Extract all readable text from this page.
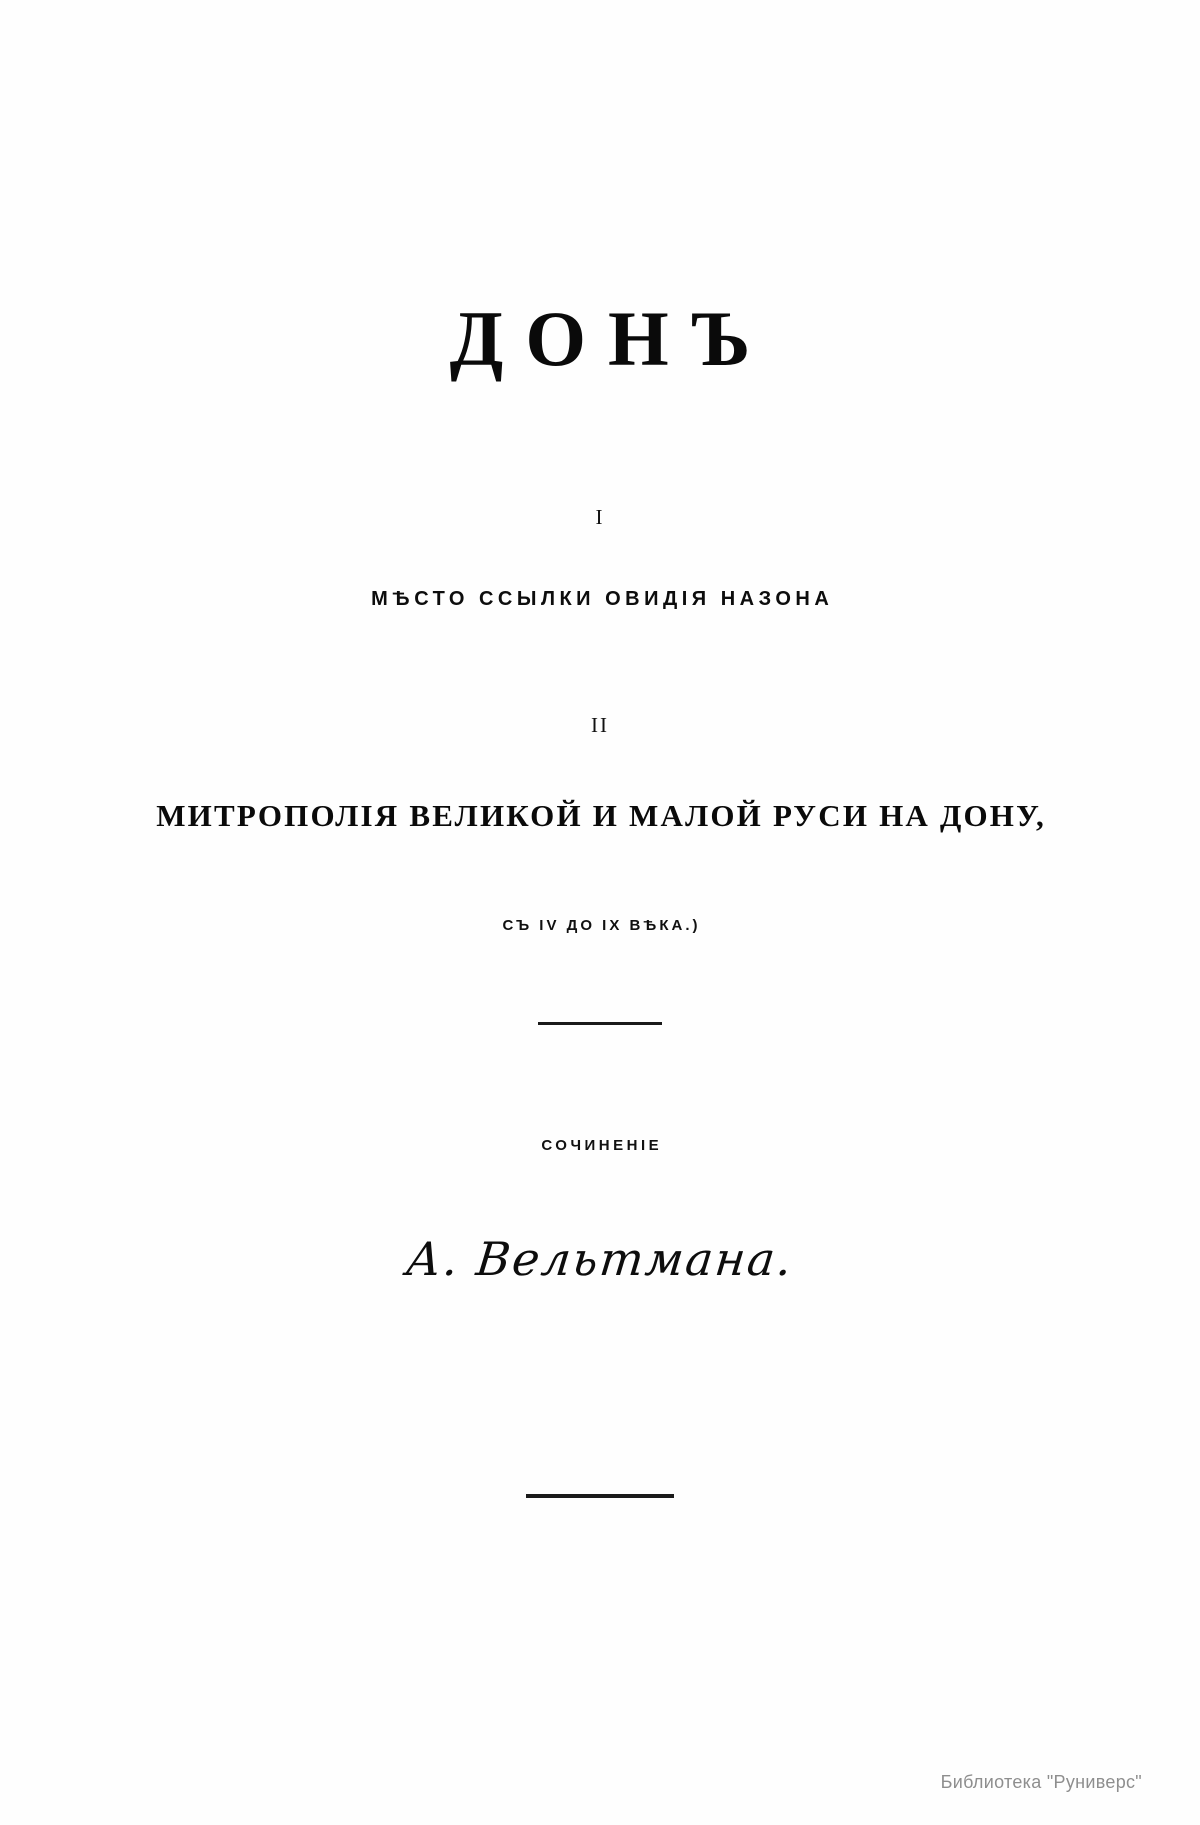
ДОНЪ
I
МѢСТО ССЫЛКИ ОВИДІЯ НАЗОНА
II
МИТРОПОЛІЯ ВЕЛИКОЙ И МАЛОЙ РУСИ НА ДОНУ,
СЪ IV ДО IX ВѢКА.)
СОЧИНЕНІЕ
А. Вельтмана.
Библиотека "Руниверс"
